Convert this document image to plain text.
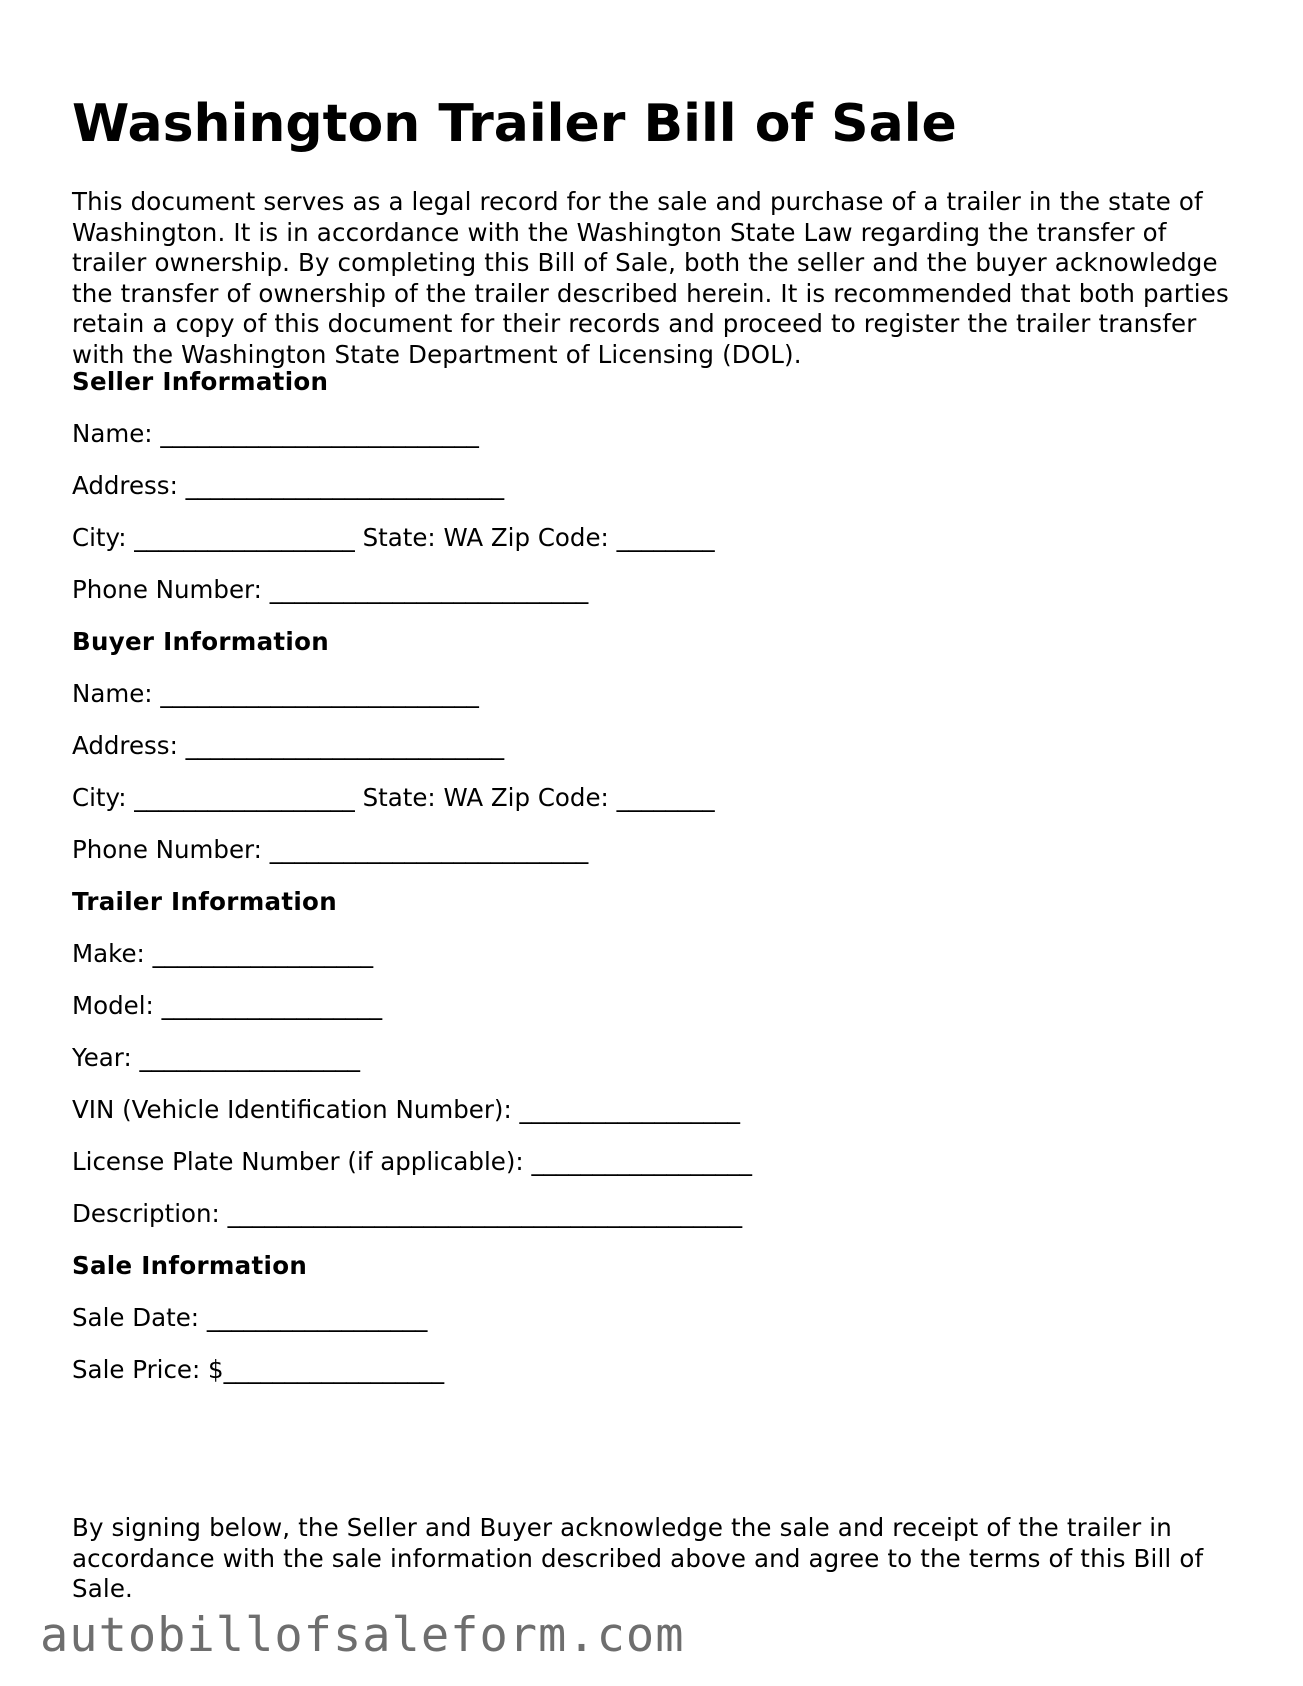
Washington Trailer Bill of Sale

This document serves as a legal record for the sale and purchase of a trailer in the state of Washington. It is in accordance with the Washington State Law regarding the transfer of trailer ownership. By completing this Bill of Sale, both the seller and the buyer acknowledge the transfer of ownership of the trailer described herein. It is recommended that both parties retain a copy of this document for their records and proceed to register the trailer transfer with the Washington State Department of Licensing (DOL).

Seller Information
Name: __________________________
Address: __________________________
City: __________________ State: WA Zip Code: ________
Phone Number: __________________________
Buyer Information
Name: __________________________
Address: __________________________
City: __________________ State: WA Zip Code: ________
Phone Number: __________________________
Trailer Information
Make: __________________
Model: __________________
Year: __________________
VIN (Vehicle Identification Number): __________________
License Plate Number (if applicable): __________________
Description: __________________________________________
Sale Information
Sale Date: __________________
Sale Price: $__________________

By signing below, the Seller and Buyer acknowledge the sale and receipt of the trailer in accordance with the sale information described above and agree to the terms of this Bill of Sale.

autobillofsaleform.com
